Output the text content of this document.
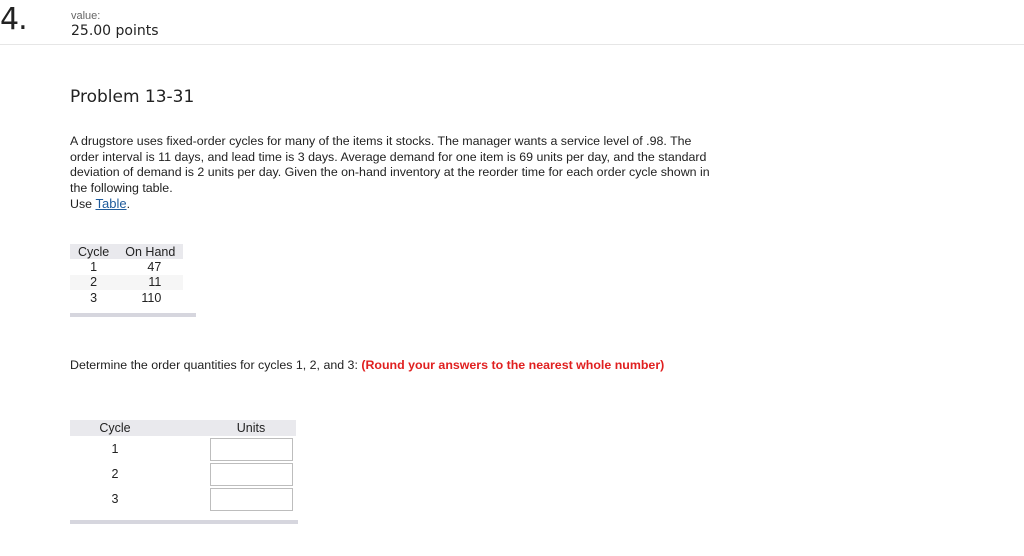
4.	value:
25.00 points
Problem 13-31
A drugstore uses fixed-order cycles for many of the items it stocks. The manager wants a service level of .98. The order interval is 11 days, and lead time is 3 days. Average demand for one item is 69 units per day, and the standard deviation of demand is 2 units per day. Given the on-hand inventory at the reorder time for each order cycle shown in the following table.
Use Table.
Cycle	On Hand
1	47
2	11
3	110
Determine the order quantities for cycles 1, 2, and 3: (Round your answers to the nearest whole number)
Cycle		Units
1		
2		
3		
